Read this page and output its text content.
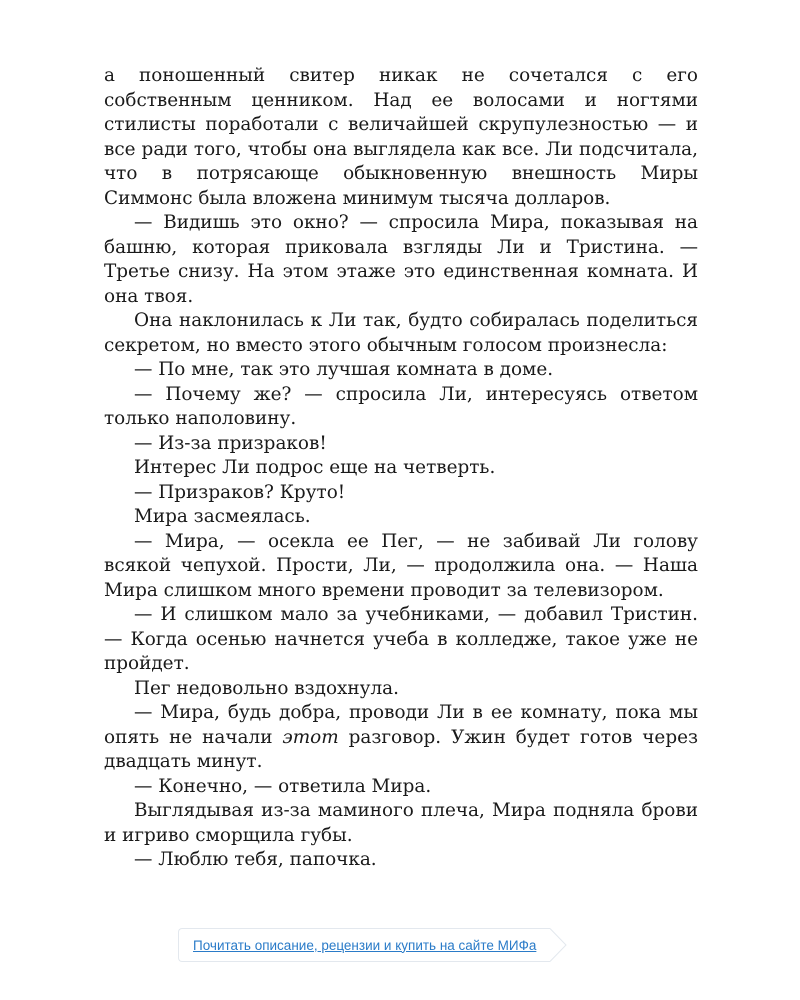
а поношенный свитер никак не сочетался с его собственным ценником. Над ее волосами и ногтями стилисты поработали с величайшей скрупулезностью — и все ради того, чтобы она выглядела как все. Ли подсчитала, что в потрясающе обыкновенную внешность Миры Симмонс была вложена минимум тысяча долларов.

— Видишь это окно? — спросила Мира, показывая на башню, которая приковала взгляды Ли и Тристина. — Третье снизу. На этом этаже это единственная комната. И она твоя.

Она наклонилась к Ли так, будто собиралась поделиться секретом, но вместо этого обычным голосом произнесла:

— По мне, так это лучшая комната в доме.

— Почему же? — спросила Ли, интересуясь ответом только наполовину.

— Из-за призраков!

Интерес Ли подрос еще на четверть.

— Призраков? Круто!

Мира засмеялась.

— Мира, — осекла ее Пег, — не забивай Ли голову всякой чепухой. Прости, Ли, — продолжила она. — Наша Мира слишком много времени проводит за телевизором.

— И слишком мало за учебниками, — добавил Тристин. — Когда осенью начнется учеба в колледже, такое уже не пройдет.

Пег недовольно вздохнула.

— Мира, будь добра, проводи Ли в ее комнату, пока мы опять не начали этот разговор. Ужин будет готов через двадцать минут.

— Конечно, — ответила Мира.

Выглядывая из-за маминого плеча, Мира подняла брови и игриво сморщила губы.

— Люблю тебя, папочка.

Почитать описание, рецензии и купить на сайте МИФа
